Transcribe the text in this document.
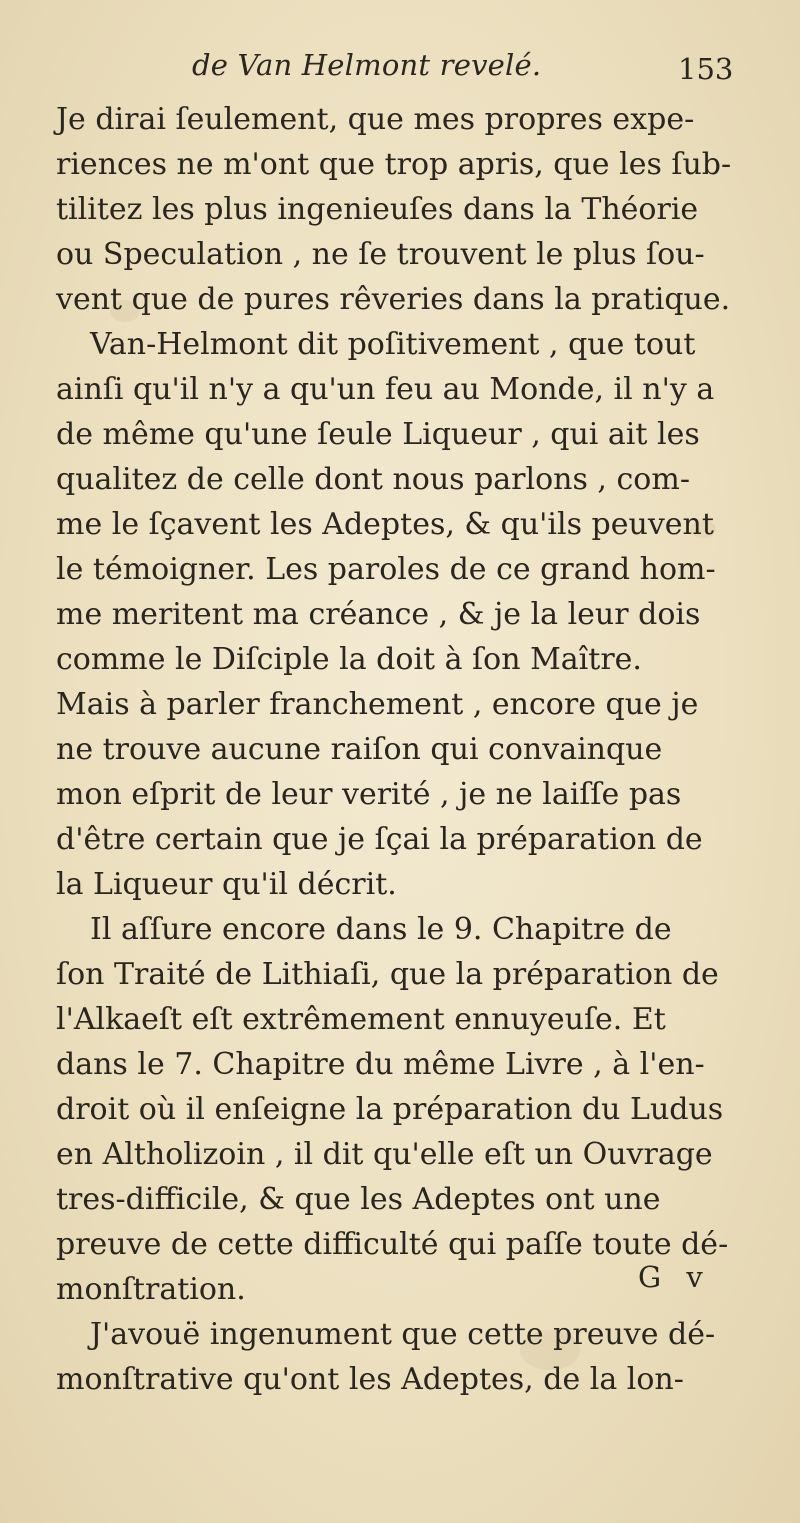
de Van Helmont revelé.	153
Je dirai ſeulement, que mes propres expe-
riences ne m'ont que trop apris, que les ſub-
tilitez les plus ingenieuſes dans la Théorie
ou Speculation , ne ſe trouvent le plus ſou-
vent que de pures rêveries dans la pratique.
Van-Helmont dit poſitivement , que tout
ainſi qu'il n'y a qu'un feu au Monde, il n'y a
de même qu'une ſeule Liqueur , qui ait les
qualitez de celle dont nous parlons , com-
me le ſçavent les Adeptes, & qu'ils peuvent
le témoigner. Les paroles de ce grand hom-
me meritent ma créance , & je la leur dois
comme le Diſciple la doit à ſon Maître.
Mais à parler franchement , encore que je
ne trouve aucune raiſon qui convainque
mon eſprit de leur verité , je ne laiſſe pas
d'être certain que je ſçai la préparation de
la Liqueur qu'il décrit.
Il aſſure encore dans le 9. Chapitre de
ſon Traité de Lithiaſi, que la préparation de
l'Alkaeſt eſt extrêmement ennuyeuſe. Et
dans le 7. Chapitre du même Livre , à l'en-
droit où il enſeigne la préparation du Ludus
en Altholizoin , il dit qu'elle eſt un Ouvrage
tres-difficile, & que les Adeptes ont une
preuve de cette difficulté qui paſſe toute dé-
monſtration.
J'avouë ingenument que cette preuve dé-
monſtrative qu'ont les Adeptes, de la lon-
G v
